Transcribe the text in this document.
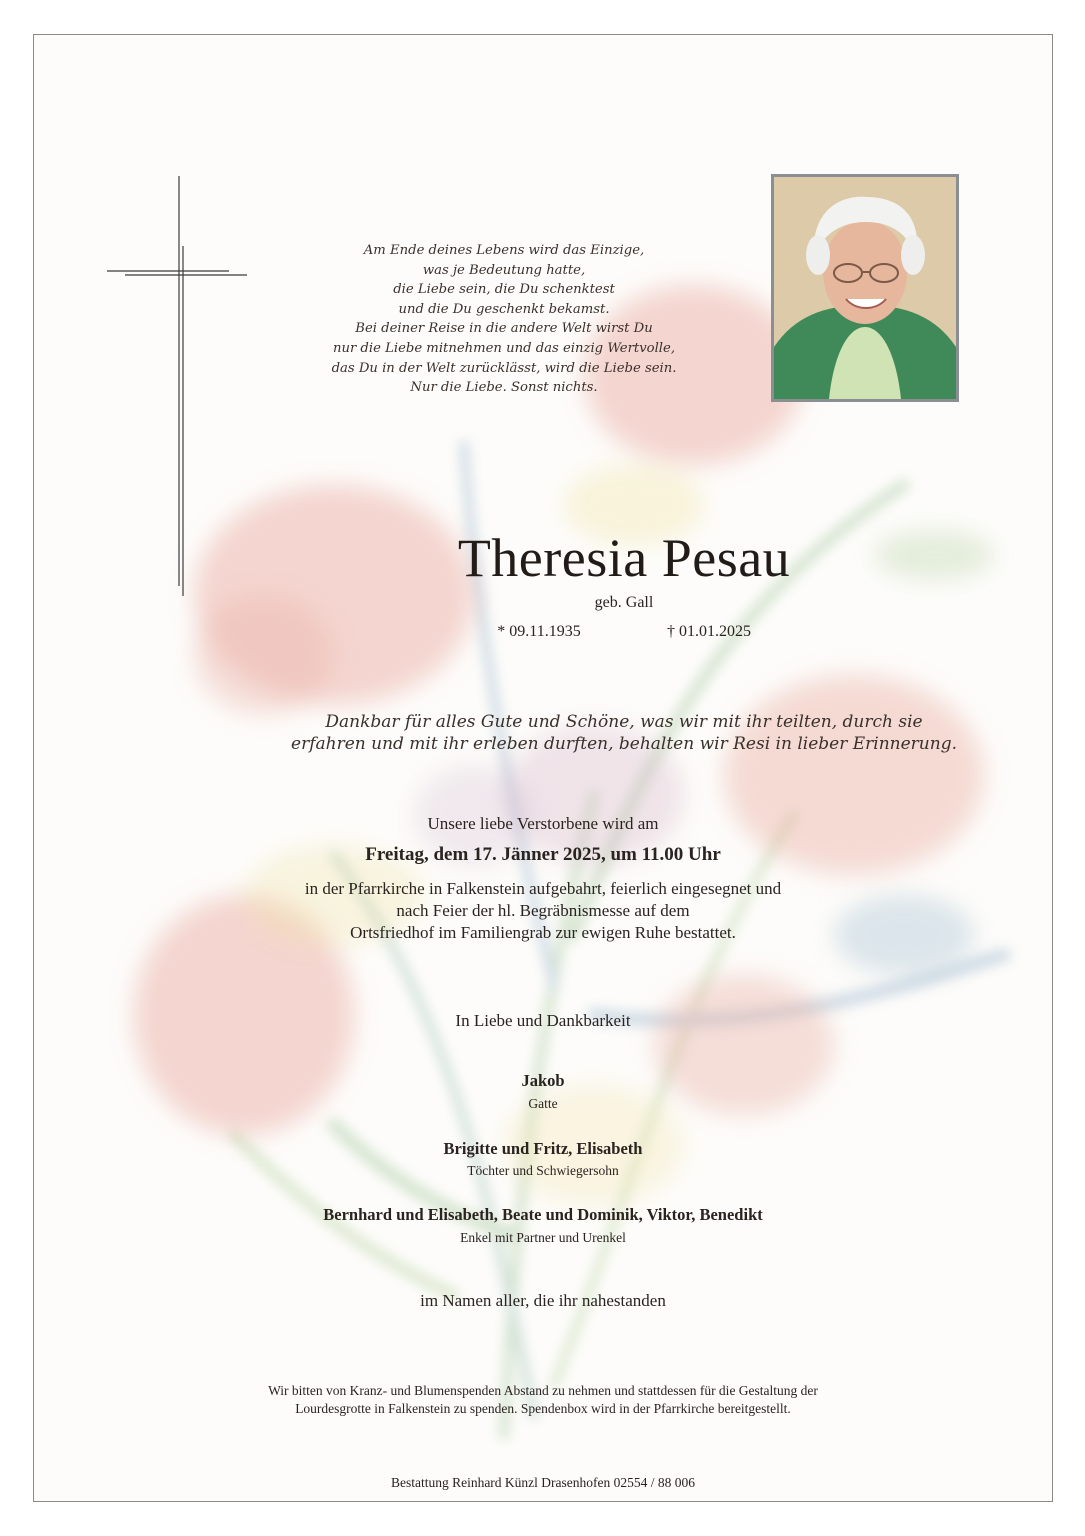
Am Ende deines Lebens wird das Einzige,
was je Bedeutung hatte,
die Liebe sein, die Du schenktest
und die Du geschenkt bekamst.
Bei deiner Reise in die andere Welt wirst Du
nur die Liebe mitnehmen und das einzig Wertvolle,
das Du in der Welt zurücklässt, wird die Liebe sein.
Nur die Liebe. Sonst nichts.
Theresia Pesau
geb. Gall
* 09.11.1935	† 01.01.2025
Dankbar für alles Gute und Schöne, was wir mit ihr teilten, durch sie
erfahren und mit ihr erleben durften, behalten wir Resi in lieber Erinnerung.
Unsere liebe Verstorbene wird am
Freitag, dem 17. Jänner 2025, um 11.00 Uhr
in der Pfarrkirche in Falkenstein aufgebahrt, feierlich eingesegnet und
nach Feier der hl. Begräbnismesse auf dem
Ortsfriedhof im Familiengrab zur ewigen Ruhe bestattet.
In Liebe und Dankbarkeit
Jakob
Gatte
Brigitte und Fritz, Elisabeth
Töchter und Schwiegersohn
Bernhard und Elisabeth, Beate und Dominik, Viktor, Benedikt
Enkel mit Partner und Urenkel
im Namen aller, die ihr nahestanden
Wir bitten von Kranz- und Blumenspenden Abstand zu nehmen und stattdessen für die Gestaltung der
Lourdesgrotte in Falkenstein zu spenden. Spendenbox wird in der Pfarrkirche bereitgestellt.
Bestattung Reinhard Künzl Drasenhofen 02554 / 88 006
